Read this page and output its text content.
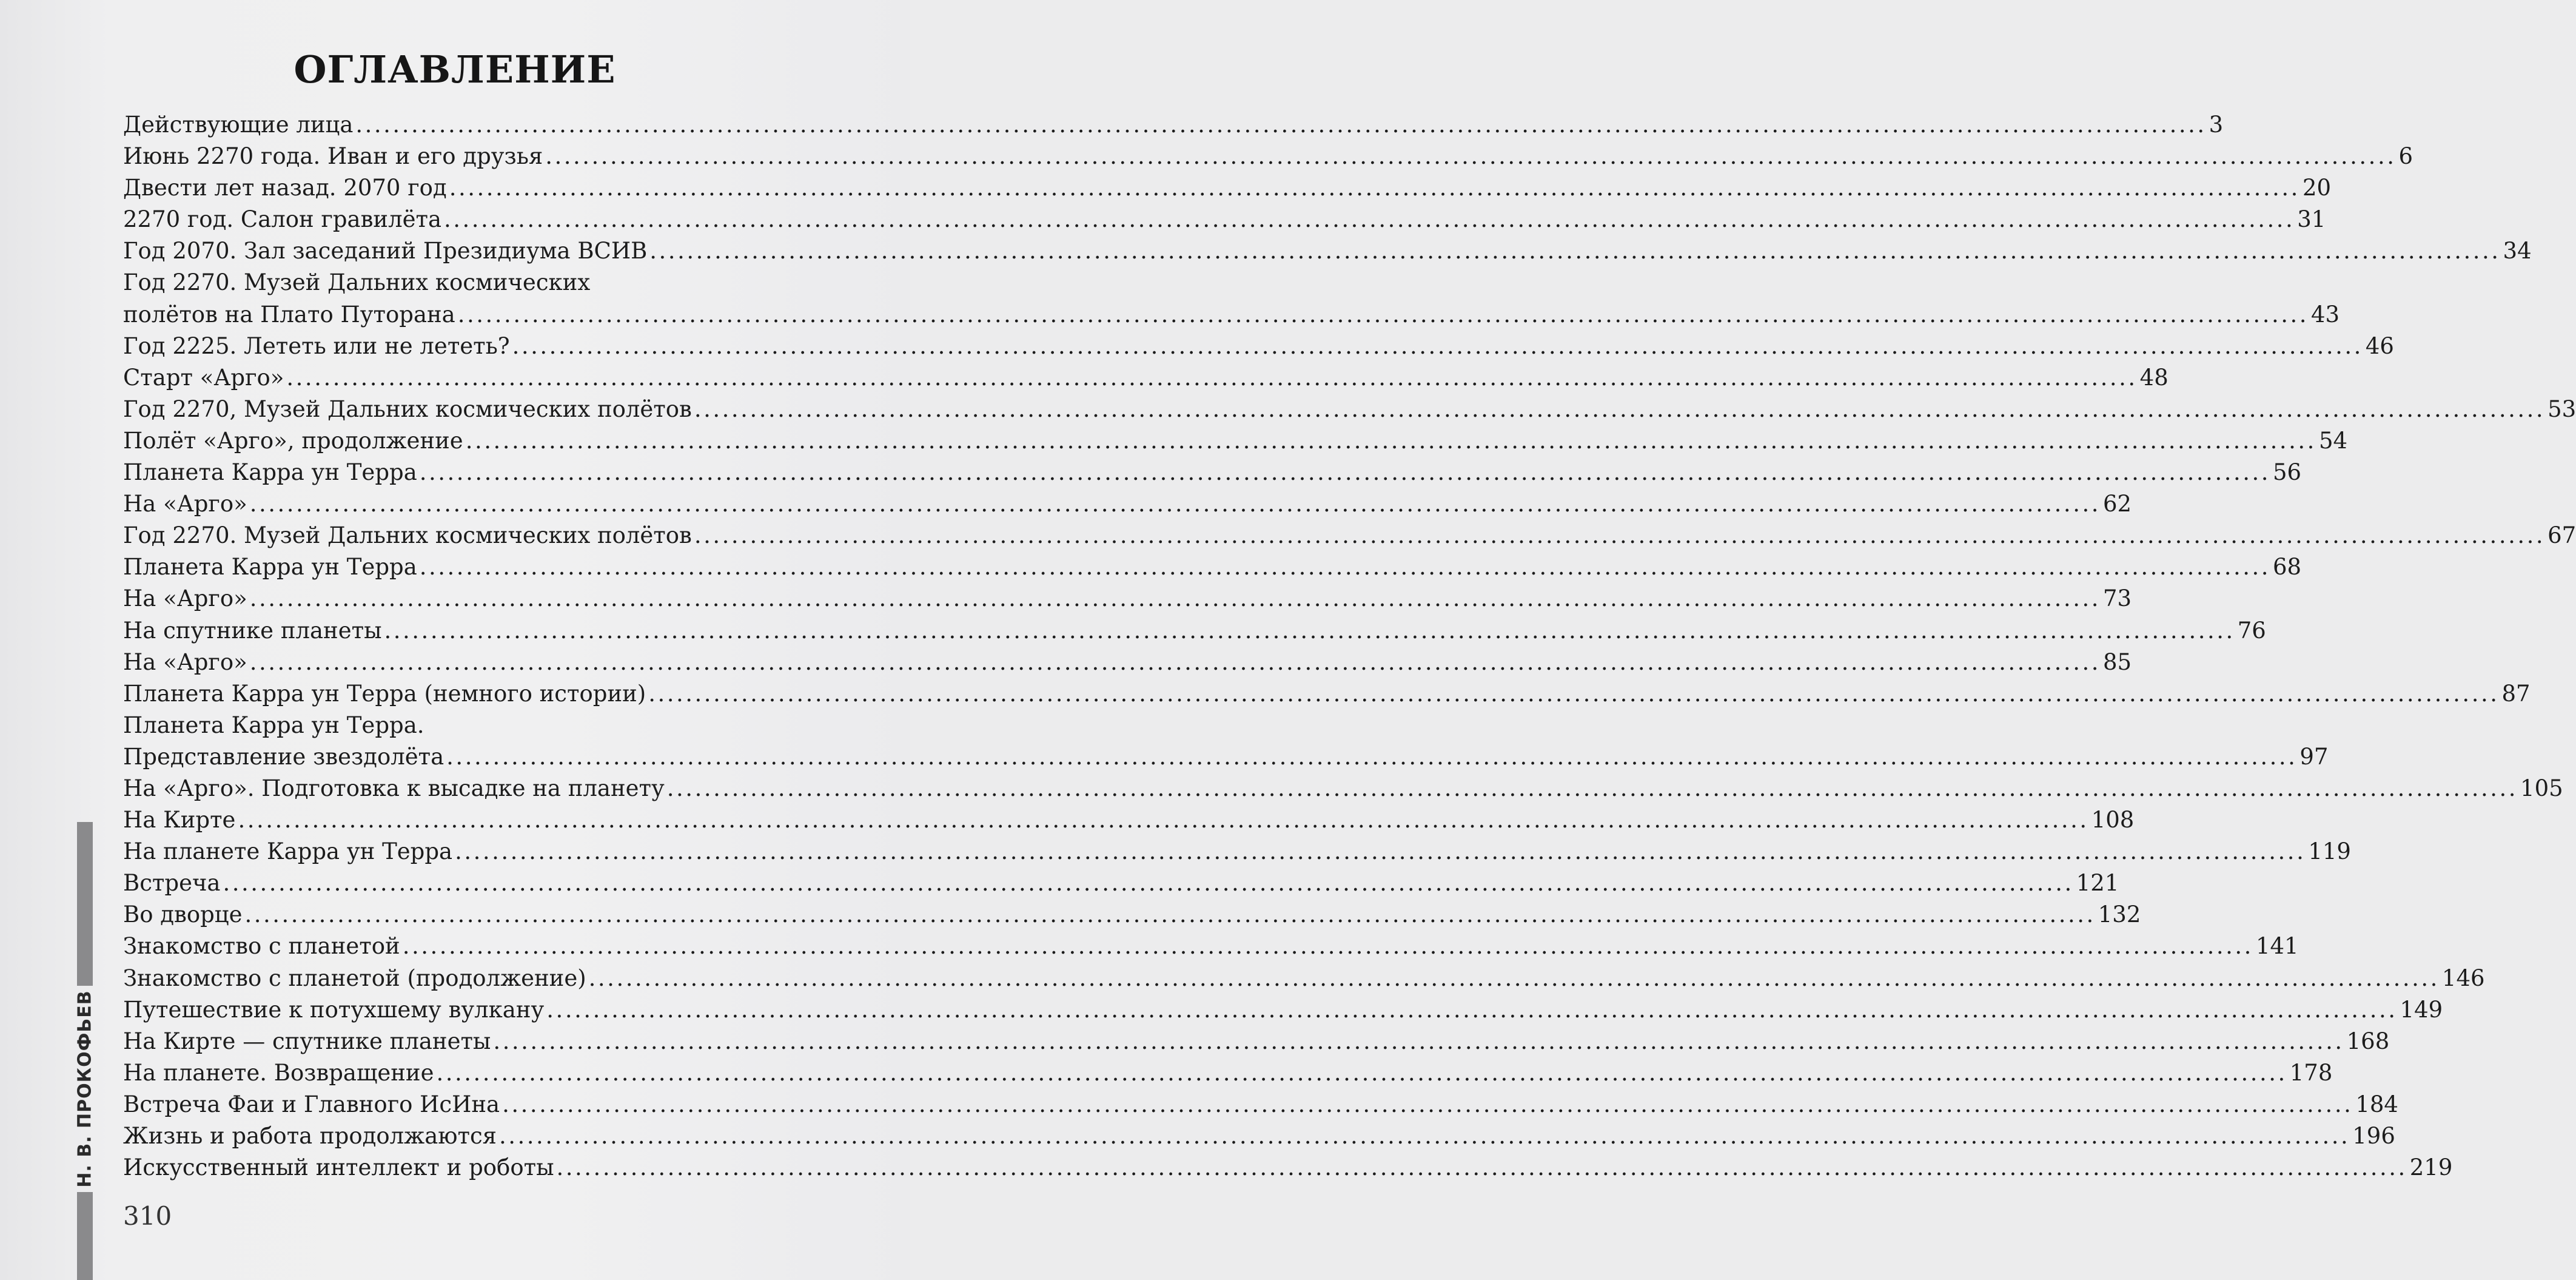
Н. В. ПРОКОФЬЕВ
ОГЛАВЛЕНИЕ
Действующие лица ........................................................................................................................................................................................................ 3
Июнь 2270 года. Иван и его друзья ........................................................................................................................................................................................................ 6
Двести лет назад. 2070 год ........................................................................................................................................................................................................ 20
2270 год. Салон гравилёта ........................................................................................................................................................................................................ 31
Год 2070. Зал заседаний Президиума ВСИВ ........................................................................................................................................................................................................ 34
Год 2270. Музей Дальних космических
полётов на Плато Путорана ........................................................................................................................................................................................................ 43
Год 2225. Лететь или не лететь? ........................................................................................................................................................................................................ 46
Старт «Арго» ........................................................................................................................................................................................................ 48
Год 2270, Музей Дальних космических полётов ........................................................................................................................................................................................................ 53
Полёт «Арго», продолжение ........................................................................................................................................................................................................ 54
Планета Карра ун Терра ........................................................................................................................................................................................................ 56
На «Арго» ........................................................................................................................................................................................................ 62
Год 2270. Музей Дальних космических полётов ........................................................................................................................................................................................................ 67
Планета Карра ун Терра ........................................................................................................................................................................................................ 68
На «Арго» ........................................................................................................................................................................................................ 73
На спутнике планеты ........................................................................................................................................................................................................ 76
На «Арго» ........................................................................................................................................................................................................ 85
Планета Карра ун Терра (немного истории) ........................................................................................................................................................................................................ 87
Планета Карра ун Терра.
Представление звездолёта ........................................................................................................................................................................................................ 97
На «Арго». Подготовка к высадке на планету ........................................................................................................................................................................................................ 105
На Кирте ........................................................................................................................................................................................................ 108
На планете Карра ун Терра ........................................................................................................................................................................................................ 119
Встреча ........................................................................................................................................................................................................ 121
Во дворце ........................................................................................................................................................................................................ 132
Знакомство с планетой ........................................................................................................................................................................................................ 141
Знакомство с планетой (продолжение) ........................................................................................................................................................................................................ 146
Путешествие к потухшему вулкану ........................................................................................................................................................................................................ 149
На Кирте — спутнике планеты ........................................................................................................................................................................................................ 168
На планете. Возвращение ........................................................................................................................................................................................................ 178
Встреча Фаи и Главного ИсИна ........................................................................................................................................................................................................ 184
Жизнь и работа продолжаются ........................................................................................................................................................................................................ 196
Искусственный интеллект и роботы ........................................................................................................................................................................................................ 219
310
